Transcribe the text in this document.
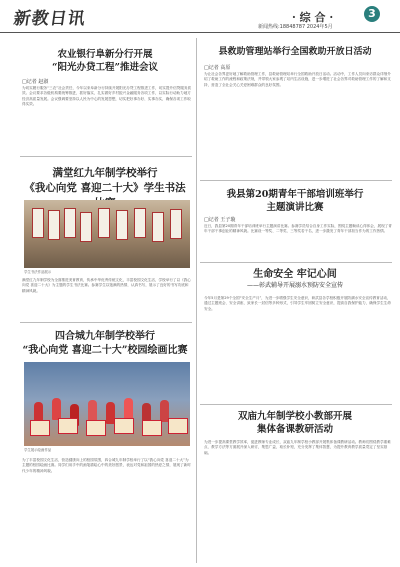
新教日讯	· 综 合 ·	3
新闻热线:18848787 2024年5月
农业银行阜新分行开展
“阳光办贷工程”推进会议
□记者 赵淑
为切实履行服务“三农”社会责任，今年以来阜新分行持续开展阳光办贷工程推进工作，切实提升信贷服务质效。会议要求各级机构要统筹推进，抓好落实，扎实做好乡村振兴金融服务各项工作，以实际行动助力地方经济高质量发展。会议强调要坚持以人民为中心的发展思想，切实把好事办好、实事办实，确保各项工作取得实效。
满堂红九年制学校举行
《我心向党 喜迎二十大》学生书法
学生书法作品展示
满堂红九年制学校为全面推进美育教育，传承中华优秀传统文化，丰富校园文化生活，学校举行了以《我心向党 喜迎二十大》为主题的学生书法比赛。参赛学生以饱满的热情，认真书写，展示了良好的书写功底和精神风貌。
四合城九年制学校举行
“我心向党 喜迎二十大”校园绘画比赛
学生展示绘画作品
为了丰富校园文化生活，营造健康向上的校园氛围，四合城九年制学校举行了以“我心向党 喜迎二十大”为主题的校园绘画比赛。同学们用手中的画笔描绘心中的美好愿景，表达对党和祖国的热爱之情，展现了新时代少年的精神风貌。
县救助管理站举行全国救助开放日活动
□记者 高原
为让社会各界更好地了解救助管理工作，县救助管理站举行全国救助开放日活动。活动中，工作人员向来访群众详细介绍了救助工作的流程和政策法规，并带领大家参观了站内生活设施，进一步增进了社会各界对救助管理工作的了解和支持，营造了全社会关心关爱困难群众的良好氛围。
我县第20期青年干部培训班举行
主题演讲比赛
□记者 王子璇
近日，我县第20期青年干部培训班举行主题演讲比赛。参赛学员结合自身工作实际，围绕主题畅谈心得体会，展现了青年干部干事创业的精神风貌。比赛设一等奖、二等奖、三等奖若干名，进一步激发了青年干部担当作为的工作热情。
生命安全 牢记心间
——彰武辅导开展溺水预防安全宣传
今年5月是第29个全国“安全生产月”，为进一步增强学生安全意识，彰武县各学校积极开展防溺水安全宣传教育活动，通过主题班会、安全讲座、致家长一封信等多种形式，引导学生牢固树立安全意识，提高自我保护能力，确保学生生命安全。
双庙九年制学校小教部开展
集体备课教研活动
为进一步提高课堂教学效率，促进教师专业成长，双庙九年制学校小教部开展集体备课教研活动。教师们围绕教学重难点、教学方法等方面展开深入研讨，集思广益，取长补短，充分发挥了集体智慧，为提升教育教学质量奠定了坚实基础。
